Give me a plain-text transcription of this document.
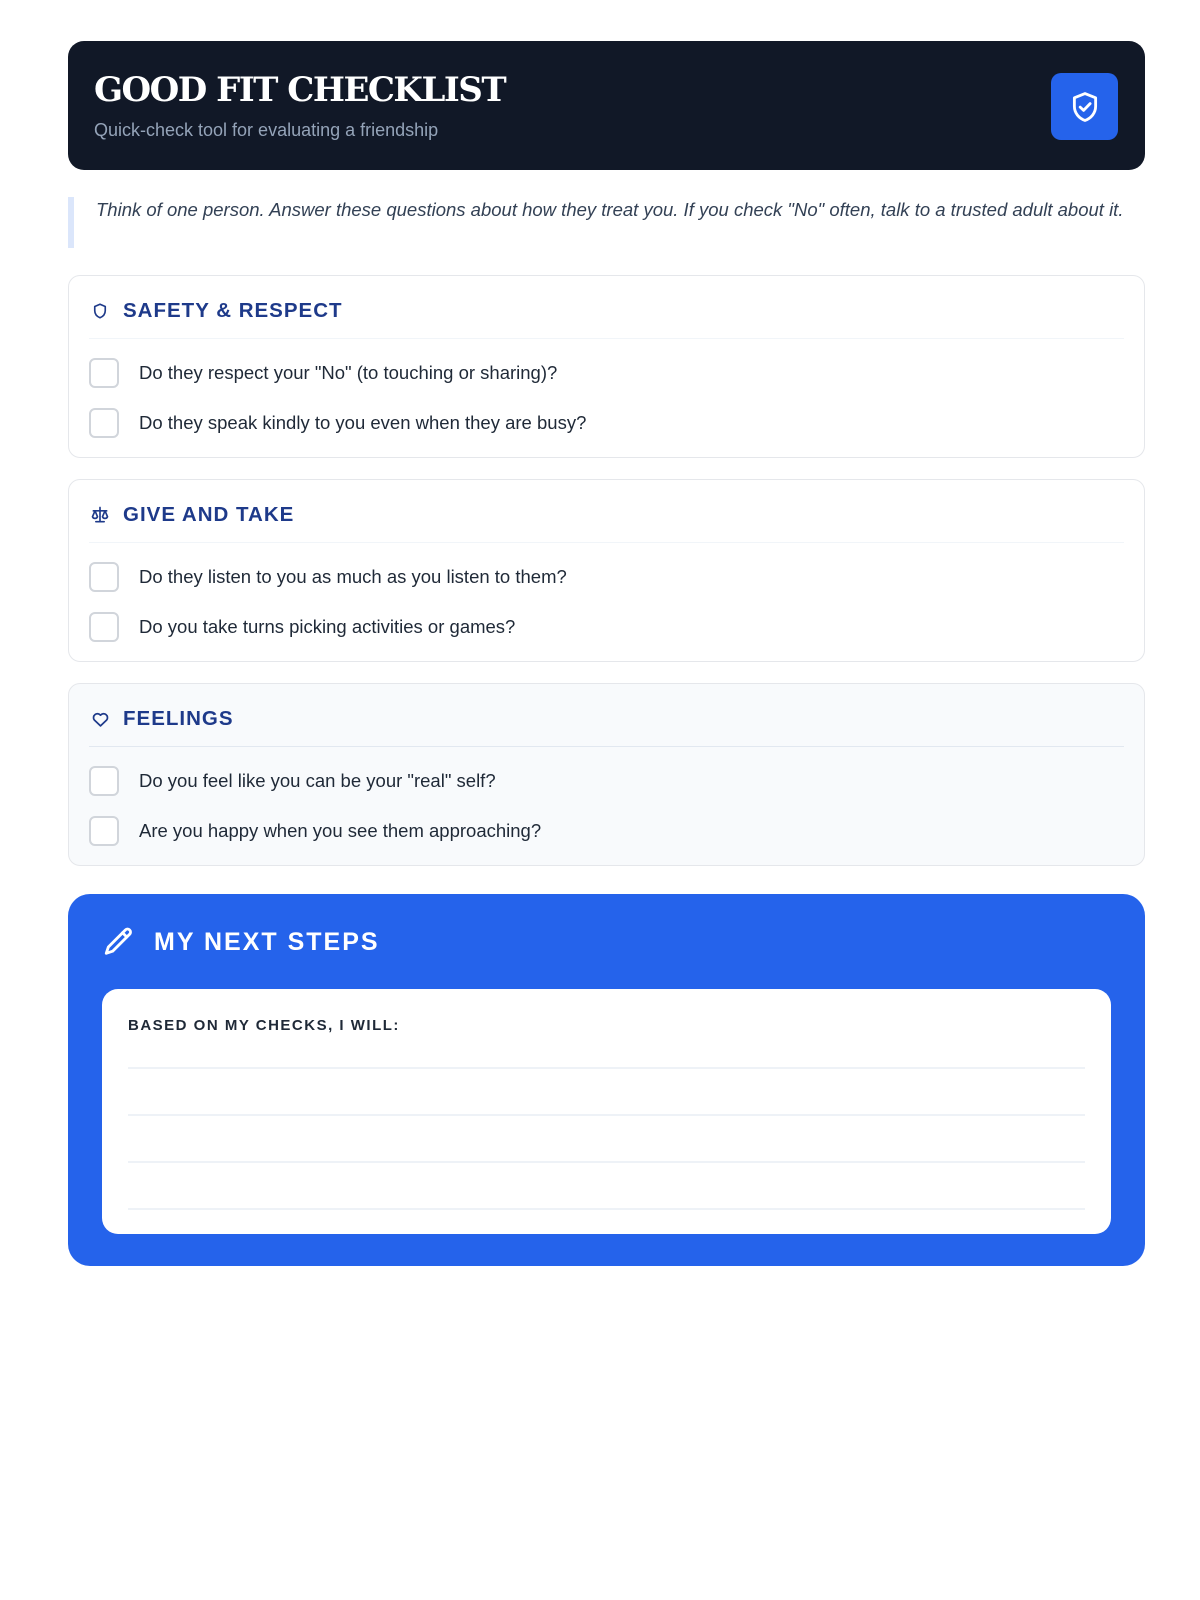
GOOD FIT CHECKLIST
Quick-check tool for evaluating a friendship
Think of one person. Answer these questions about how they treat you. If you check "No" often, talk to a trusted adult about it.
SAFETY & RESPECT
Do they respect your "No" (to touching or sharing)?
Do they speak kindly to you even when they are busy?
GIVE AND TAKE
Do they listen to you as much as you listen to them?
Do you take turns picking activities or games?
FEELINGS
Do you feel like you can be your "real" self?
Are you happy when you see them approaching?
MY NEXT STEPS
BASED ON MY CHECKS, I WILL:
